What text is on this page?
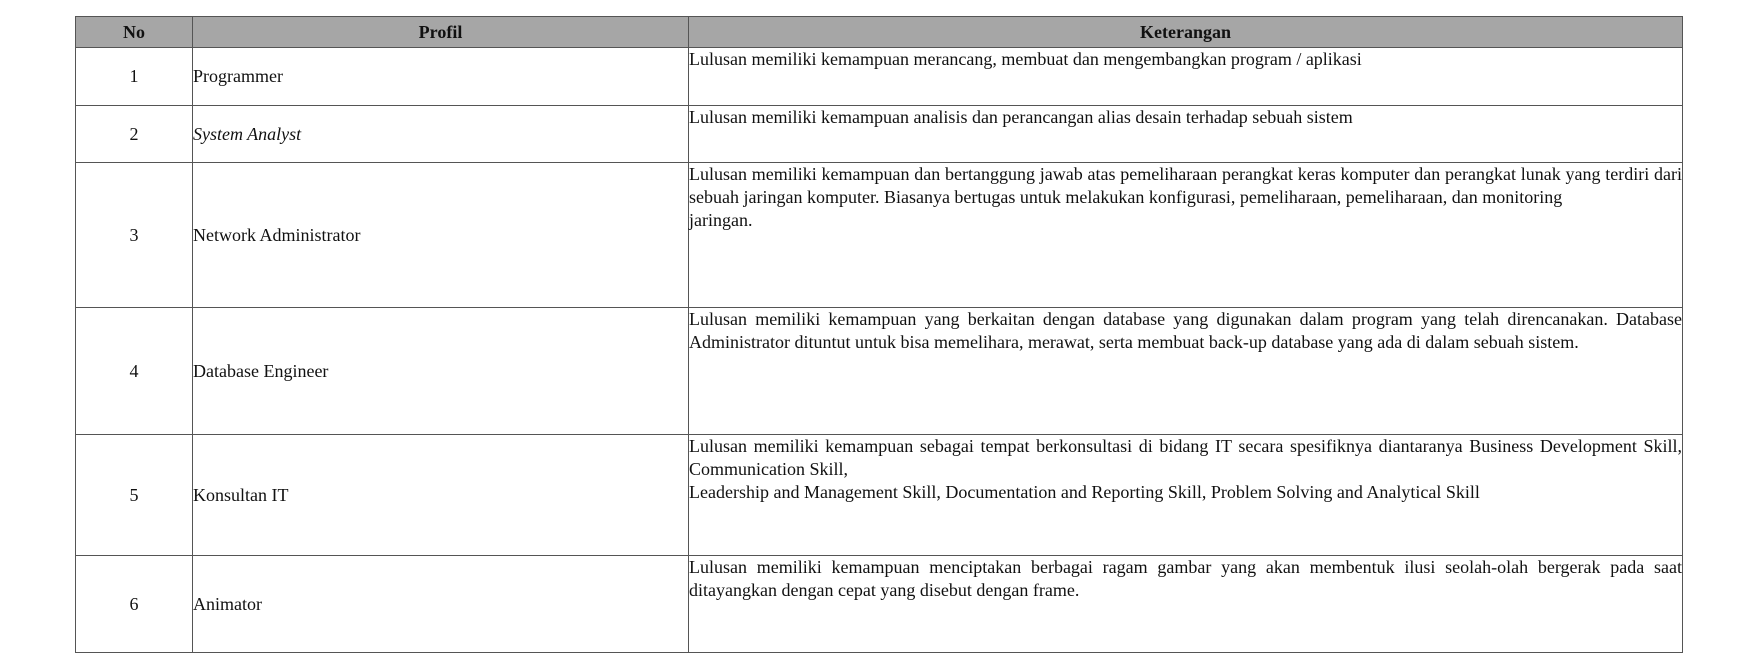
No	Profil	Keterangan
1	Programmer	Lulusan memiliki kemampuan merancang, membuat dan mengembangkan program / aplikasi

2	System Analyst	Lulusan memiliki kemampuan analisis dan perancangan alias desain terhadap sebuah sistem

3	Network Administrator	Lulusan memiliki kemampuan dan bertanggung jawab atas pemeliharaan perangkat keras komputer dan perangkat lunak yang terdiri dari sebuah jaringan komputer. Biasanya bertugas untuk melakukan konfigurasi, pemeliharaan, pemeliharaan, dan monitoring
jaringan.

4	Database Engineer	Lulusan memiliki kemampuan yang berkaitan dengan database yang digunakan dalam program yang telah direncanakan. Database Administrator dituntut untuk bisa memelihara, merawat, serta membuat back-up database yang ada di dalam sebuah sistem.

5	Konsultan IT	Lulusan memiliki kemampuan sebagai tempat berkonsultasi di bidang IT secara spesifiknya diantaranya Business Development Skill, Communication Skill,
Leadership and Management Skill, Documentation and Reporting Skill, Problem Solving and Analytical Skill

6	Animator	Lulusan memiliki kemampuan menciptakan berbagai ragam gambar yang akan membentuk ilusi seolah-olah bergerak pada saat ditayangkan dengan cepat yang disebut dengan frame.
